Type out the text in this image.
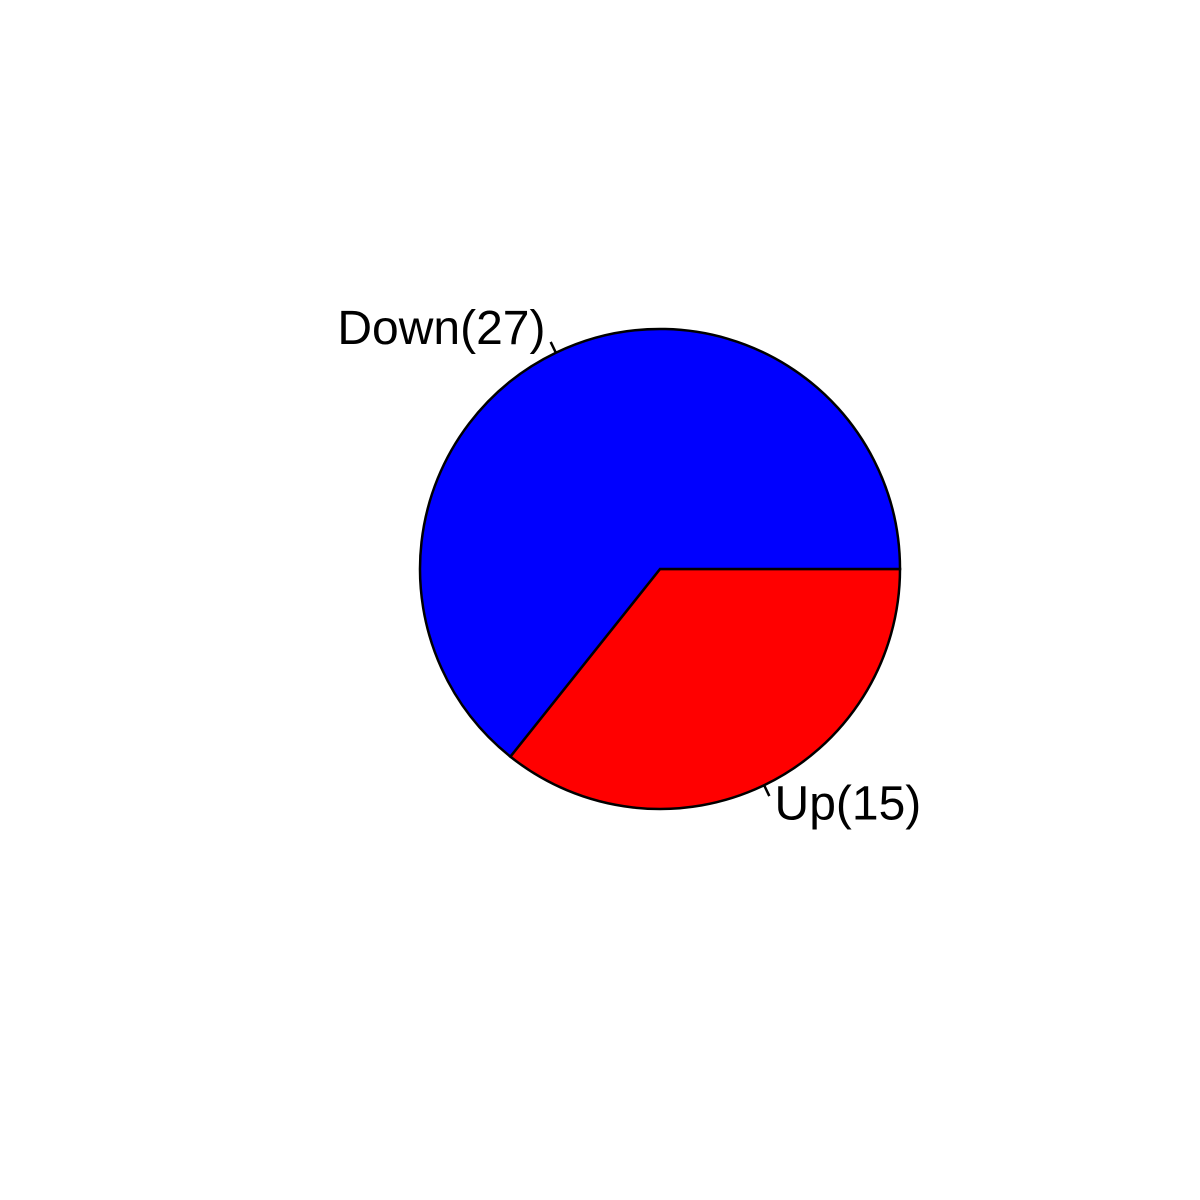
Up(15)
Down(27)
